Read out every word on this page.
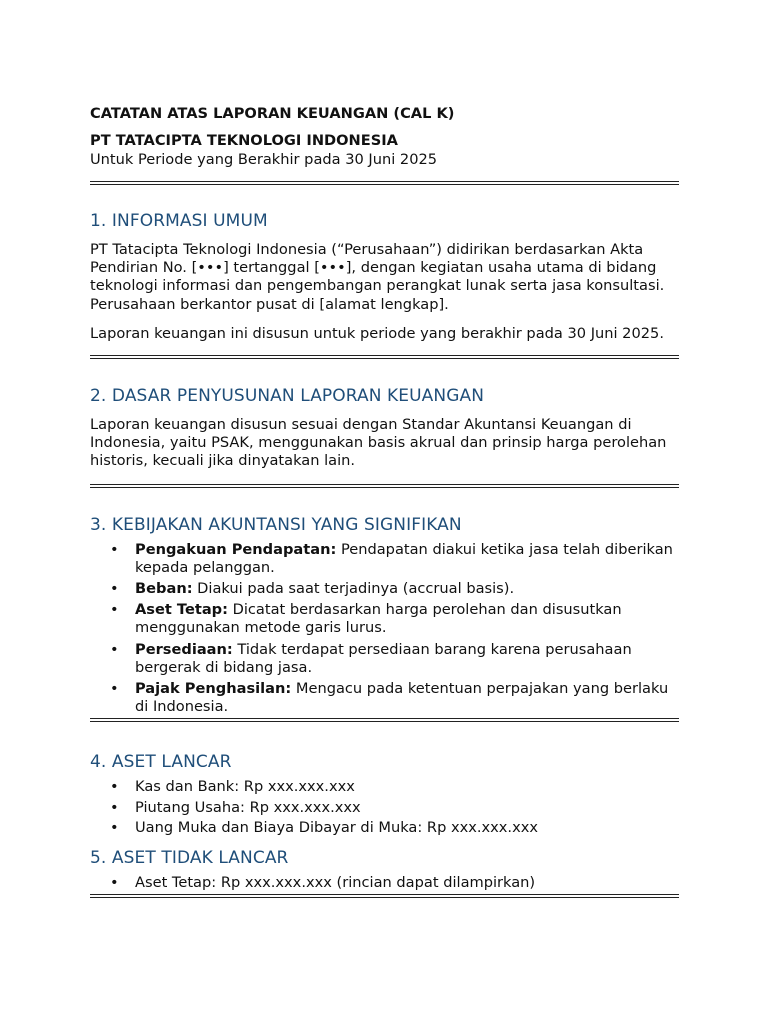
CATATAN ATAS LAPORAN KEUANGAN (CAL K)
PT TATACIPTA TEKNOLOGI INDONESIA

Untuk Periode yang Berakhir pada 30 Juni 2025

1. INFORMASI UMUM

PT Tatacipta Teknologi Indonesia (“Perusahaan”) didirikan berdasarkan Akta Pendirian No. [•••] tertanggal [•••], dengan kegiatan usaha utama di bidang teknologi informasi dan pengembangan perangkat lunak serta jasa konsultasi. Perusahaan berkantor pusat di [alamat lengkap].

Laporan keuangan ini disusun untuk periode yang berakhir pada 30 Juni 2025.

2. DASAR PENYUSUNAN LAPORAN KEUANGAN

Laporan keuangan disusun sesuai dengan Standar Akuntansi Keuangan di Indonesia, yaitu PSAK, menggunakan basis akrual dan prinsip harga perolehan historis, kecuali jika dinyatakan lain.

3. KEBIJAKAN AKUNTANSI YANG SIGNIFIKAN
• Pengakuan Pendapatan: Pendapatan diakui ketika jasa telah diberikan kepada pelanggan.
• Beban: Diakui pada saat terjadinya (accrual basis).
• Aset Tetap: Dicatat berdasarkan harga perolehan dan disusutkan menggunakan metode garis lurus.
• Persediaan: Tidak terdapat persediaan barang karena perusahaan bergerak di bidang jasa.
• Pajak Penghasilan: Mengacu pada ketentuan perpajakan yang berlaku di Indonesia.
4. ASET LANCAR
• Kas dan Bank: Rp xxx.xxx.xxx
• Piutang Usaha: Rp xxx.xxx.xxx
• Uang Muka dan Biaya Dibayar di Muka: Rp xxx.xxx.xxx
5. ASET TIDAK LANCAR
• Aset Tetap: Rp xxx.xxx.xxx (rincian dapat dilampirkan)
